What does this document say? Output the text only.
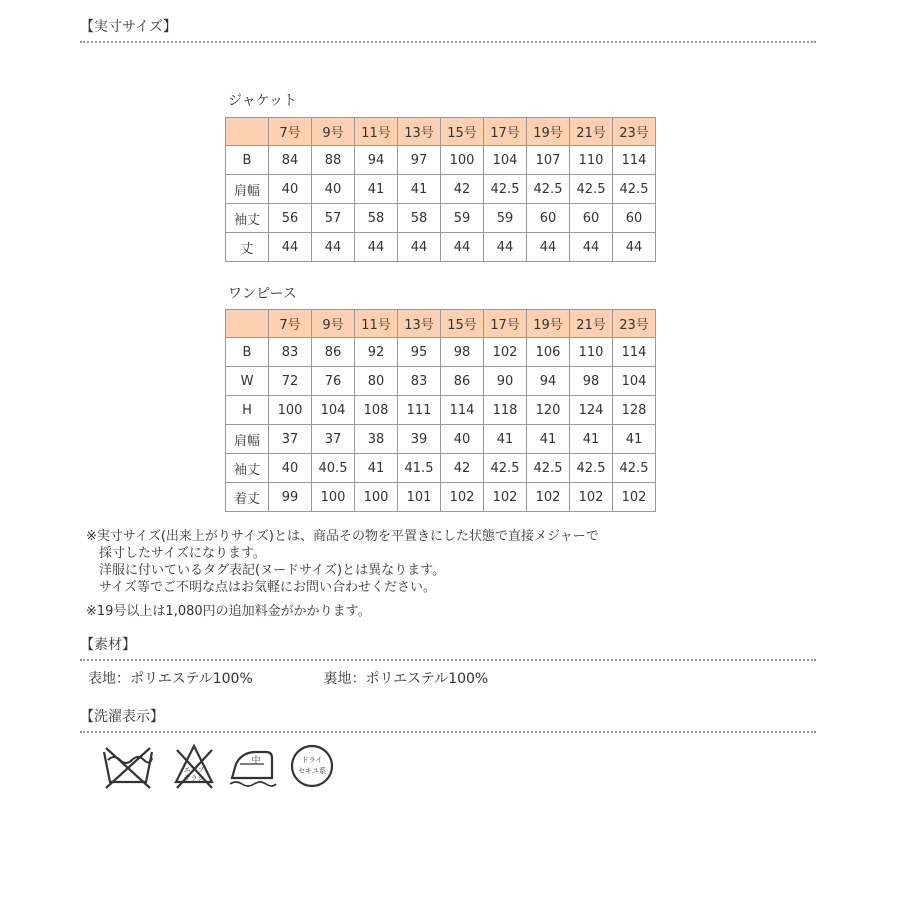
【実寸サイズ】
ジャケット
	7号	9号	11号	13号	15号	17号	19号	21号	23号
B	84	88	94	97	100	104	107	110	114
肩幅	40	40	41	41	42	42.5	42.5	42.5	42.5
袖丈	56	57	58	58	59	59	60	60	60
丈	44	44	44	44	44	44	44	44	44
ワンピース
	7号	9号	11号	13号	15号	17号	19号	21号	23号
B	83	86	92	95	98	102	106	110	114
W	72	76	80	83	86	90	94	98	104
H	100	104	108	111	114	118	120	124	128
肩幅	37	37	38	39	40	41	41	41	41
袖丈	40	40.5	41	41.5	42	42.5	42.5	42.5	42.5
着丈	99	100	100	101	102	102	102	102	102

※実寸サイズ(出来上がりサイズ)とは、商品その物を平置きにした状態で直接メジャーで

　採寸したサイズになります。

　洋服に付いているタグ表記(ヌードサイズ)とは異なります。

　サイズ等でご不明な点はお気軽にお問い合わせください。

※19号以上は1,080円の追加料金がかかります。

【素材】
表地：ポリエステル100%	裏地：ポリエステル100%
【洗濯表示】
エンソ
サラシ
中	ドライ
セキユ系
